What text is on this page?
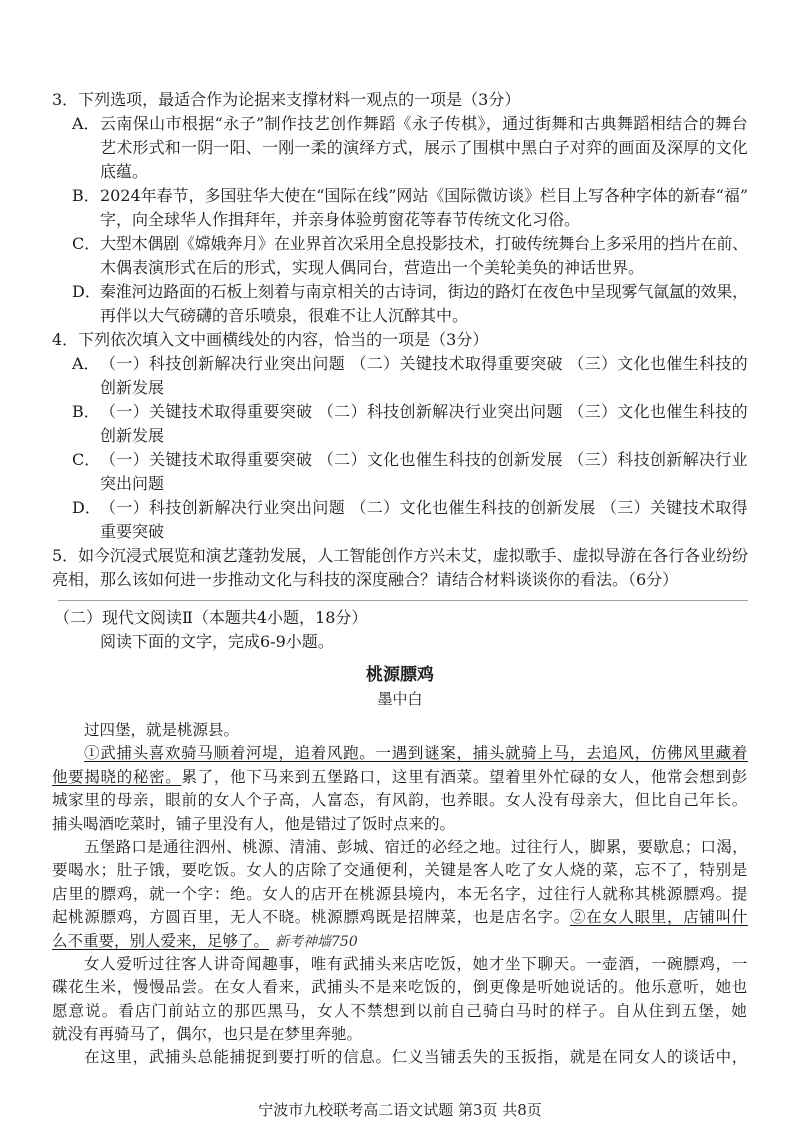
3．下列选项，最适合作为论据来支撑材料一观点的一项是（3分）
A． 云南保山市根据“永子”制作技艺创作舞蹈《永子传棋》，通过街舞和古典舞蹈相结合的舞台
艺术形式和一阴一阳、一刚一柔的演绎方式，展示了围棋中黑白子对弈的画面及深厚的文化
底蕴。
B． 2024年春节，多国驻华大使在“国际在线”网站《国际微访谈》栏目上写各种字体的新春“福”
字，向全球华人作揖拜年，并亲身体验剪窗花等春节传统文化习俗。
C． 大型木偶剧《嫦娥奔月》在业界首次采用全息投影技术，打破传统舞台上多采用的挡片在前、
木偶表演形式在后的形式，实现人偶同台，营造出一个美轮美奂的神话世界。
D． 秦淮河边路面的石板上刻着与南京相关的古诗词，街边的路灯在夜色中呈现雾气氤氲的效果，
再伴以大气磅礴的音乐喷泉，很难不让人沉醉其中。
4．下列依次填入文中画横线处的内容，恰当的一项是（3分）
A． （一）科技创新解决行业突出问题 （二）关键技术取得重要突破 （三）文化也催生科技的
创新发展
B． （一）关键技术取得重要突破 （二）科技创新解决行业突出问题 （三）文化也催生科技的
创新发展
C． （一）关键技术取得重要突破 （二）文化也催生科技的创新发展 （三）科技创新解决行业
突出问题
D． （一）科技创新解决行业突出问题 （二）文化也催生科技的创新发展 （三）关键技术取得
重要突破
5．如今沉浸式展览和演艺蓬勃发展，人工智能创作方兴未艾，虚拟歌手、虚拟导游在各行各业纷纷
亮相，那么该如何进一步推动文化与科技的深度融合？请结合材料谈谈你的看法。（6分）
（二）现代文阅读Ⅱ（本题共4小题，18分）
阅读下面的文字，完成6-9小题。
桃源膘鸡
墨中白
过四堡，就是桃源县。
①武捕头喜欢骑马顺着河堤，追着风跑。一遇到谜案，捕头就骑上马，去追风，仿佛风里藏着
他要揭晓的秘密。累了，他下马来到五堡路口，这里有酒菜。望着里外忙碌的女人，他常会想到彭
城家里的母亲，眼前的女人个子高，人富态，有风韵，也养眼。女人没有母亲大，但比自己年长。
捕头喝酒吃菜时，铺子里没有人，他是错过了饭时点来的。
五堡路口是通往泗州、桃源、清浦、彭城、宿迁的必经之地。过往行人，脚累，要歇息；口渴，
要喝水；肚子饿，要吃饭。女人的店除了交通便利，关键是客人吃了女人烧的菜，忘不了，特别是
店里的膘鸡，就一个字：绝。女人的店开在桃源县境内，本无名字，过往行人就称其桃源膘鸡。提
起桃源膘鸡，方圆百里，无人不晓。桃源膘鸡既是招牌菜，也是店名字。②在女人眼里，店铺叫什
么不重要，别人爱来，足够了。 新考神墙750
女人爱听过往客人讲奇闻趣事，唯有武捕头来店吃饭，她才坐下聊天。一壶酒，一碗膘鸡，一
碟花生米，慢慢品尝。在女人看来，武捕头不是来吃饭的，倒更像是听她说话的。他乐意听，她也
愿意说。看店门前站立的那匹黑马，女人不禁想到以前自己骑白马时的样子。自从住到五堡，她
就没有再骑马了，偶尔，也只是在梦里奔驰。
在这里，武捕头总能捕捉到要打听的信息。仁义当铺丢失的玉扳指，就是在同女人的谈话中，
宁波市九校联考高二语文试题 第3页 共8页
